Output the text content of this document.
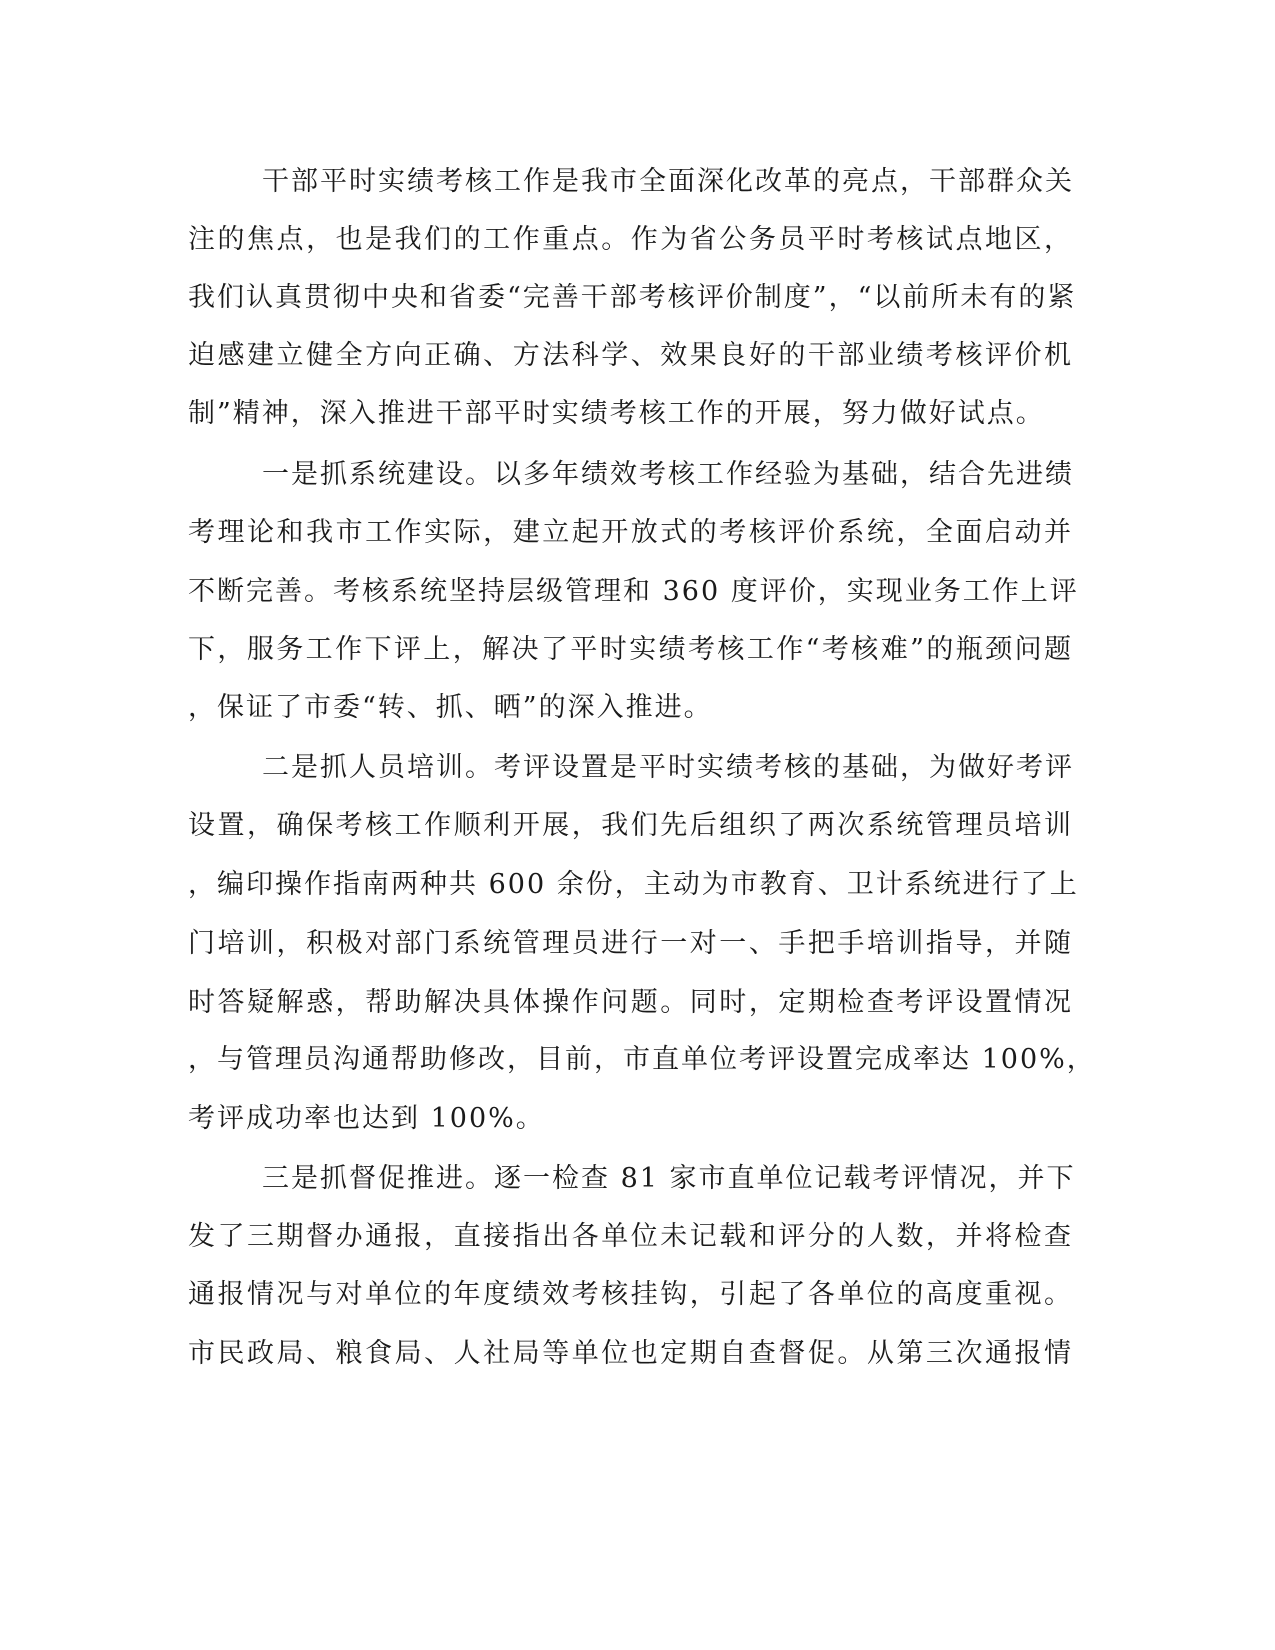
干部平时实绩考核工作是我市全面深化改革的亮点，干部群众关
注的焦点，也是我们的工作重点。作为省公务员平时考核试点地区，
我们认真贯彻中央和省委“完善干部考核评价制度”，“以前所未有的紧
迫感建立健全方向正确、方法科学、效果良好的干部业绩考核评价机
制”精神，深入推进干部平时实绩考核工作的开展，努力做好试点。
一是抓系统建设。以多年绩效考核工作经验为基础，结合先进绩
考理论和我市工作实际，建立起开放式的考核评价系统，全面启动并
不断完善。考核系统坚持层级管理和 360 度评价，实现业务工作上评
下，服务工作下评上，解决了平时实绩考核工作“考核难”的瓶颈问题
，保证了市委“转、抓、晒”的深入推进。
二是抓人员培训。考评设置是平时实绩考核的基础，为做好考评
设置，确保考核工作顺利开展，我们先后组织了两次系统管理员培训
，编印操作指南两种共 600 余份，主动为市教育、卫计系统进行了上
门培训，积极对部门系统管理员进行一对一、手把手培训指导，并随
时答疑解惑，帮助解决具体操作问题。同时，定期检查考评设置情况
，与管理员沟通帮助修改，目前，市直单位考评设置完成率达 100%，
考评成功率也达到 100%。
三是抓督促推进。逐一检查 81 家市直单位记载考评情况，并下
发了三期督办通报，直接指出各单位未记载和评分的人数，并将检查
通报情况与对单位的年度绩效考核挂钩，引起了各单位的高度重视。
市民政局、粮食局、人社局等单位也定期自查督促。从第三次通报情
